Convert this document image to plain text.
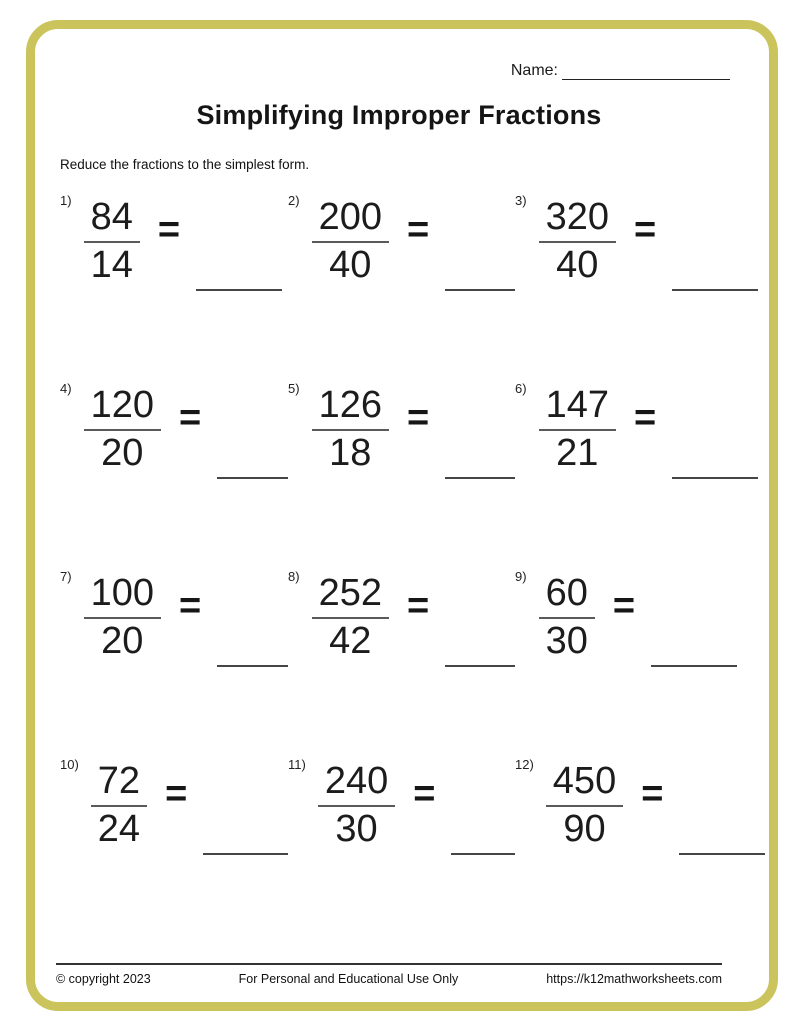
Name:
Simplifying Improper Fractions
Reduce the fractions to the simplest form.
$1) \frac{84}{14}$ =
$2) \frac{200}{40}$ =
$3) \frac{320}{40}$ =
$4) \frac{120}{20}$ =
$5) \frac{126}{18}$ =
$6) \frac{147}{21}$ =
$7) \frac{100}{20}$ =
$8) \frac{252}{42}$ =
$9) \frac{60}{30}$ =
$10) \frac{72}{24}$ =
$11) \frac{240}{30}$ =
$12) \frac{450}{90}$ =
© copyright 2023	For Personal and Educational Use Only	https://k12mathworksheets.com
